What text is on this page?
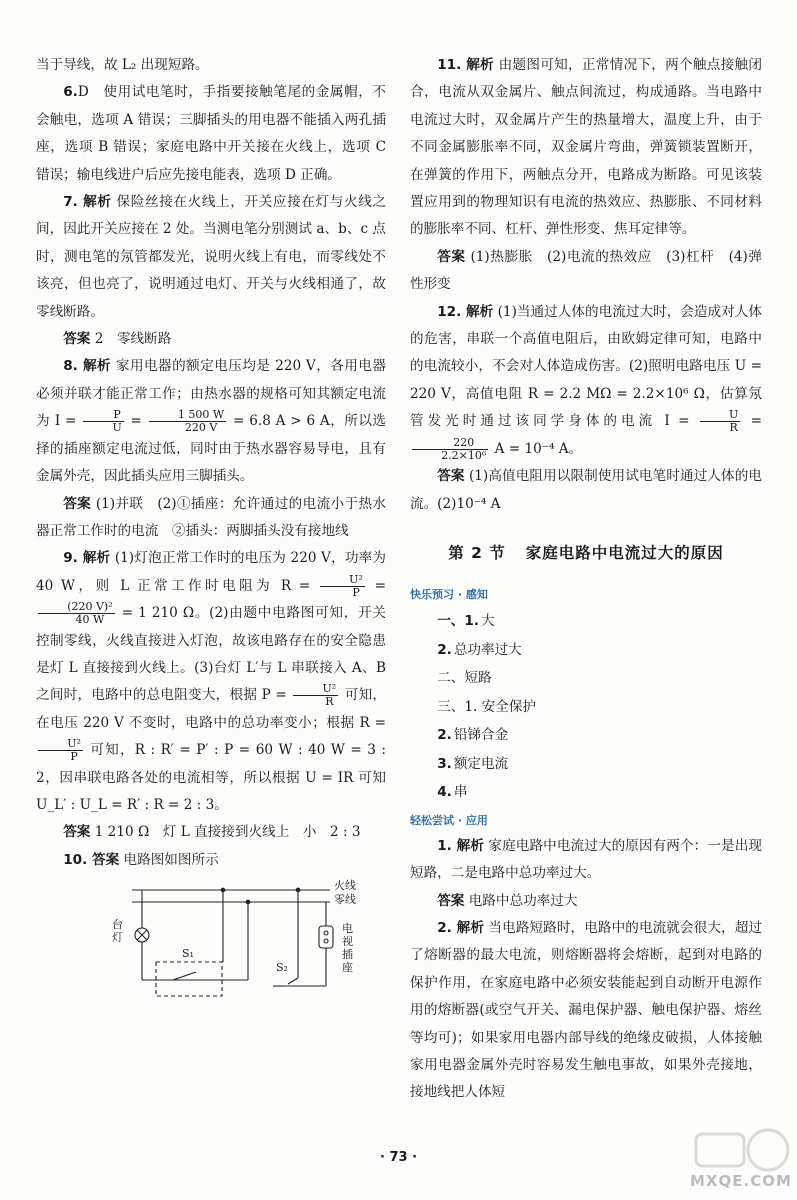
当于导线，故 L₂ 出现短路。

6.D　使用试电笔时，手指要接触笔尾的金属帽，不会触电，选项 A 错误；三脚插头的用电器不能插入两孔插座，选项 B 错误；家庭电路中开关接在火线上，选项 C 错误；输电线进户后应先接电能表，选项 D 正确。

7. 解析 保险丝接在火线上，开关应接在灯与火线之间，因此开关应接在 2 处。当测电笔分别测试 a、b、c 点时，测电笔的氖管都发光，说明火线上有电，而零线处不该亮，但也亮了，说明通过电灯、开关与火线相通了，故零线断路。

答案 2　零线断路

8. 解析 家用电器的额定电压均是 220 V，各用电器必须并联才能正常工作；由热水器的规格可知其额定电流为 $I = \frac{P}{U} = \frac{1 500 W}{220 V} = 6.8$ A > 6 A，所以选择的插座额定电流过低，同时由于热水器容易导电，且有金属外壳，因此插头应用三脚插头。

答案 (1)并联　(2)①插座：允许通过的电流小于热水器正常工作时的电流　②插头：两脚插头没有接地线

9. 解析 (1)灯泡正常工作时的电压为 220 V，功率为 40 W，则 L 正常工作时电阻为 $R = \frac{\text{U²}}{P}$ =
$\frac{\text{(220 V)²}}{40 W} = 1$ 210 Ω。(2)由题中电路图可知，开关控制零线，火线直接进入灯泡，故该电路存在的安全隐患是灯 L 直接接到火线上。(3)台灯 L′与 L 串联接入 A、B 之间时，电路中的总电阻变大，根据 $P = \frac{\text{U²}}{R}$ 可知，在电压 220 V 不变时，电路中的总功率变小；根据 R =
$\frac{\text{U²}}{P}$ 可知，R : R′ = P′ : P = 60 W : 40 W = 3 : 2，因串联电路各处的电流相等，所以根据 U = IR 可知 U_L′ : U_L = R′ : R = 2 : 3。

答案 1 210 Ω　灯 L 直接接到火线上　小　2 : 3

10. 答案 电路图如图所示

火线
零线
台灯
S₁
S₂
电视插座

11. 解析 由题图可知，正常情况下，两个触点接触闭合，电流从双金属片、触点间流过，构成通路。当电路中电流过大时，双金属片产生的热量增大，温度上升，由于不同金属膨胀率不同，双金属片弯曲，弹簧锁装置断开，在弹簧的作用下，两触点分开，电路成为断路。可见该装置应用到的物理知识有电流的热效应、热膨胀、不同材料的膨胀率不同、杠杆、弹性形变、焦耳定律等。

答案 (1)热膨胀　(2)电流的热效应　(3)杠杆　(4)弹性形变

12. 解析 (1)当通过人体的电流过大时，会造成对人体的危害，串联一个高值电阻后，由欧姆定律可知，电路中的电流较小，不会对人体造成伤害。(2)照明电路电压 U = 220 V，高值电阻 R = 2.2 MΩ = 2.2×10⁶ Ω，估算氖管发光时通过该同学身体的电流 $I = \frac{U}{R}$ =
$\frac{220}{\text{2.2×10⁶}}$ A = 10⁻⁴ A。

答案 (1)高值电阻用以限制使用试电笔时通过人体的电流。(2)10⁻⁴ A

第 2 节 家庭电路中电流过大的原因
快乐预习 · 感知
一、1. 大
2. 总功率过大
二、短路
三、1. 安全保护
2. 铅锑合金
3. 额定电流
4. 串
轻松尝试 · 应用

1. 解析 家庭电路中电流过大的原因有两个：一是出现短路，二是电路中总功率过大。

答案 电路中总功率过大

2. 解析 当电路短路时，电路中的电流就会很大，超过了熔断器的最大电流，则熔断器将会熔断，起到对电路的保护作用，在家庭电路中必须安装能起到自动断开电源作用的熔断器(或空气开关、漏电保护器、触电保护器、熔丝等均可)；如果家用电器内部导线的绝缘皮破损，人体接触家用电器金属外壳时容易发生触电事故，如果外壳接地，接地线把人体短

· 73 ·
MXQE.COM
